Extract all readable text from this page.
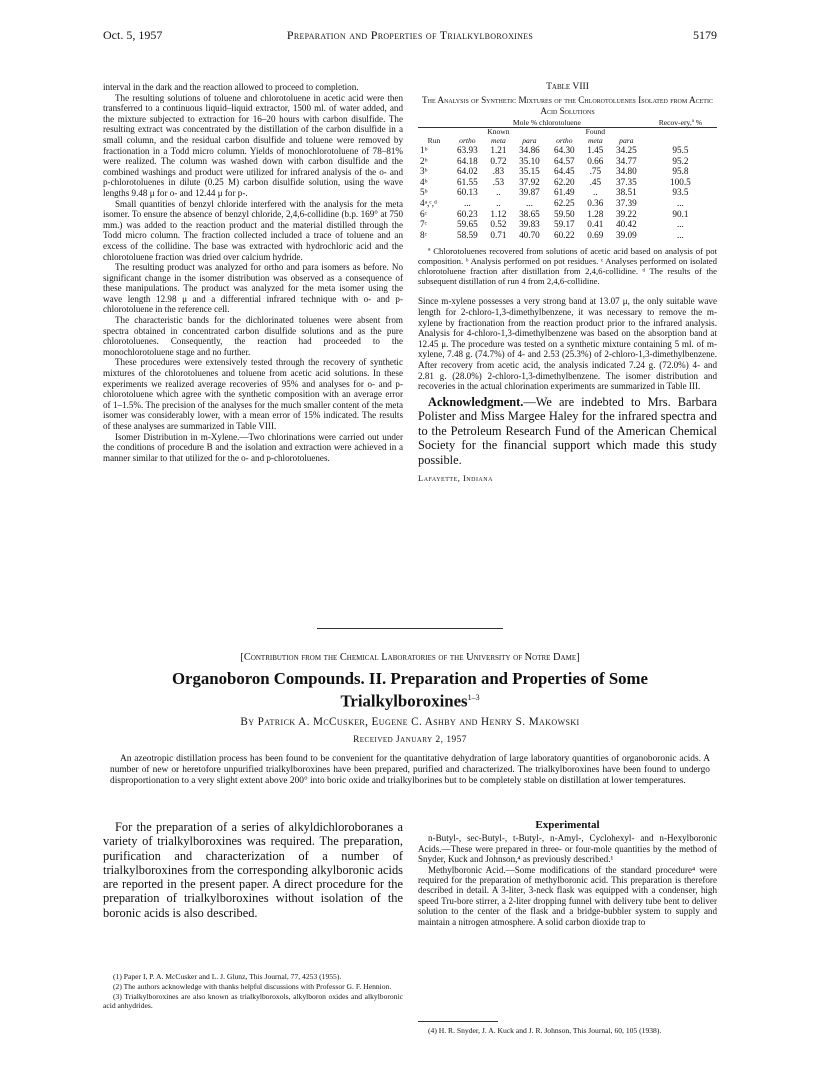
Oct. 5, 1957	Preparation and Properties of Trialkylboroxines	5179

interval in the dark and the reaction allowed to proceed to completion.

The resulting solutions of toluene and chlorotoluene in acetic acid were then transferred to a continuous liquid–liquid extractor, 1500 ml. of water added, and the mixture subjected to extraction for 16–20 hours with carbon disulfide. The resulting extract was concentrated by the distillation of the carbon disulfide in a small column, and the residual carbon disulfide and toluene were removed by fractionation in a Todd micro column. Yields of monochlorotoluene of 78–81% were realized. The column was washed down with carbon disulfide and the combined washings and product were utilized for infrared analysis of the o- and p-chlorotoluenes in dilute (0.25 M) carbon disulfide solution, using the wave lengths 9.48 μ for o- and 12.44 μ for p-.

Small quantities of benzyl chloride interfered with the analysis for the meta isomer. To ensure the absence of benzyl chloride, 2,4,6-collidine (b.p. 169° at 750 mm.) was added to the reaction product and the material distilled through the Todd micro column. The fraction collected included a trace of toluene and an excess of the collidine. The base was extracted with hydrochloric acid and the chlorotoluene fraction was dried over calcium hydride.

The resulting product was analyzed for ortho and para isomers as before. No significant change in the isomer distribution was observed as a consequence of these manipulations. The product was analyzed for the meta isomer using the wave length 12.98 μ and a differential infrared technique with o- and p-chlorotoluene in the reference cell.

The characteristic bands for the dichlorinated toluenes were absent from spectra obtained in concentrated carbon disulfide solutions and as the pure chlorotoluenes. Consequently, the reaction had proceeded to the monochlorotoluene stage and no further.

These procedures were extensively tested through the recovery of synthetic mixtures of the chlorotoluenes and toluene from acetic acid solutions. In these experiments we realized average recoveries of 95% and analyses for o- and p-chlorotoluene which agree with the synthetic composition with an average error of 1–1.5%. The precision of the analyses for the much smaller content of the meta isomer was considerably lower, with a mean error of 15% indicated. The results of these analyses are summarized in Table VIII.

Isomer Distribution in m-Xylene.—Two chlorinations were carried out under the conditions of procedure B and the isolation and extraction were achieved in a manner similar to that utilized for the o- and p-chlorotoluenes.

Table VIII
The Analysis of Synthetic Mixtures of the Chlorotoluenes Isolated from Acetic Acid Solutions
	Mole % chlorotoluene						Recov-ery,ª %
	Known			Found			
Run	ortho	meta	para	ortho	meta	para	
1ᵇ	63.93	1.21	34.86	64.30	1.45	34.25	95.5
2ᵇ	64.18	0.72	35.10	64.57	0.66	34.77	95.2
3ᵇ	64.02	.83	35.15	64.45	.75	34.80	95.8
4ᵇ	61.55	.53	37.92	62.20	.45	37.35	100.5
5ᵇ	60.13	..	39.87	61.49	..	38.51	93.5
4ᵃ,ᶜ,ᵈ	...	..	...	62.25	0.36	37.39	...
6ᶜ	60.23	1.12	38.65	59.50	1.28	39.22	90.1
7ᶜ	59.65	0.52	39.83	59.17	0.41	40.42	...
8ᶜ	58.59	0.71	40.70	60.22	0.69	39.09	...

ª Chlorotoluenes recovered from solutions of acetic acid based on analysis of pot composition. ᵇ Analysis performed on pot residues. ᶜ Analyses performed on isolated chlorotoluene fraction after distillation from 2,4,6-collidine. ᵈ The results of the subsequent distillation of run 4 from 2,4,6-collidine.

Since m-xylene possesses a very strong band at 13.07 μ, the only suitable wave length for 2-chloro-1,3-dimethylbenzene, it was necessary to remove the m-xylene by fractionation from the reaction product prior to the infrared analysis. Analysis for 4-chloro-1,3-dimethylbenzene was based on the absorption band at 12.45 μ. The procedure was tested on a synthetic mixture containing 5 ml. of m-xylene, 7.48 g. (74.7%) of 4- and 2.53 (25.3%) of 2-chloro-1,3-dimethylbenzene. After recovery from acetic acid, the analysis indicated 7.24 g. (72.0%) 4- and 2.81 g. (28.0%) 2-chloro-1,3-dimethylbenzene. The isomer distribution and recoveries in the actual chlorination experiments are summarized in Table III.

Acknowledgment.—We are indebted to Mrs. Barbara Polister and Miss Margee Haley for the infrared spectra and to the Petroleum Research Fund of the American Chemical Society for the financial support which made this study possible.
Lafayette, Indiana
[Contribution from the Chemical Laboratories of the University of Notre Dame]
Organoboron Compounds. II. Preparation and Properties of Some Trialkylboroxines$^{1-3}$
By Patrick A. McCusker, Eugene C. Ashby and Henry S. Makowski
Received January 2, 1957
An azeotropic distillation process has been found to be convenient for the quantitative dehydration of large laboratory quantities of organoboronic acids. A number of new or heretofore unpurified trialkylboroxines have been prepared, purified and characterized. The trialkylboroxines have been found to undergo disproportionation to a very slight extent above 200° into boric oxide and trialkylborines but to be completely stable on distillation at lower temperatures.
For the preparation of a series of alkyldichloroboranes a variety of trialkylboroxines was required. The preparation, purification and characterization of a number of trialkylboroxines from the corresponding alkylboronic acids are reported in the present paper. A direct procedure for the preparation of trialkylboroxines without isolation of the boronic acids is also described.

(1) Paper I, P. A. McCusker and L. J. Glunz, This Journal, 77, 4253 (1955).

(2) The authors acknowledge with thanks helpful discussions with Professor G. F. Hennion.

(3) Trialkylboroxines are also known as trialkylboroxols, alkylboron oxides and alkylboronic acid anhydrides.

Experimental

n-Butyl-, sec-Butyl-, t-Butyl-, n-Amyl-, Cyclohexyl- and n-Hexylboronic Acids.—These were prepared in three- or four-mole quantities by the method of Snyder, Kuck and Johnson,⁴ as previously described.¹

Methylboronic Acid.—Some modifications of the standard procedure⁴ were required for the preparation of methylboronic acid. This preparation is therefore described in detail. A 3-liter, 3-neck flask was equipped with a condenser, high speed Tru-bore stirrer, a 2-liter dropping funnel with delivery tube bent to deliver solution to the center of the flask and a bridge-bubbler system to supply and maintain a nitrogen atmosphere. A solid carbon dioxide trap to

(4) H. R. Snyder, J. A. Kuck and J. R. Johnson, This Journal, 60, 105 (1938).
